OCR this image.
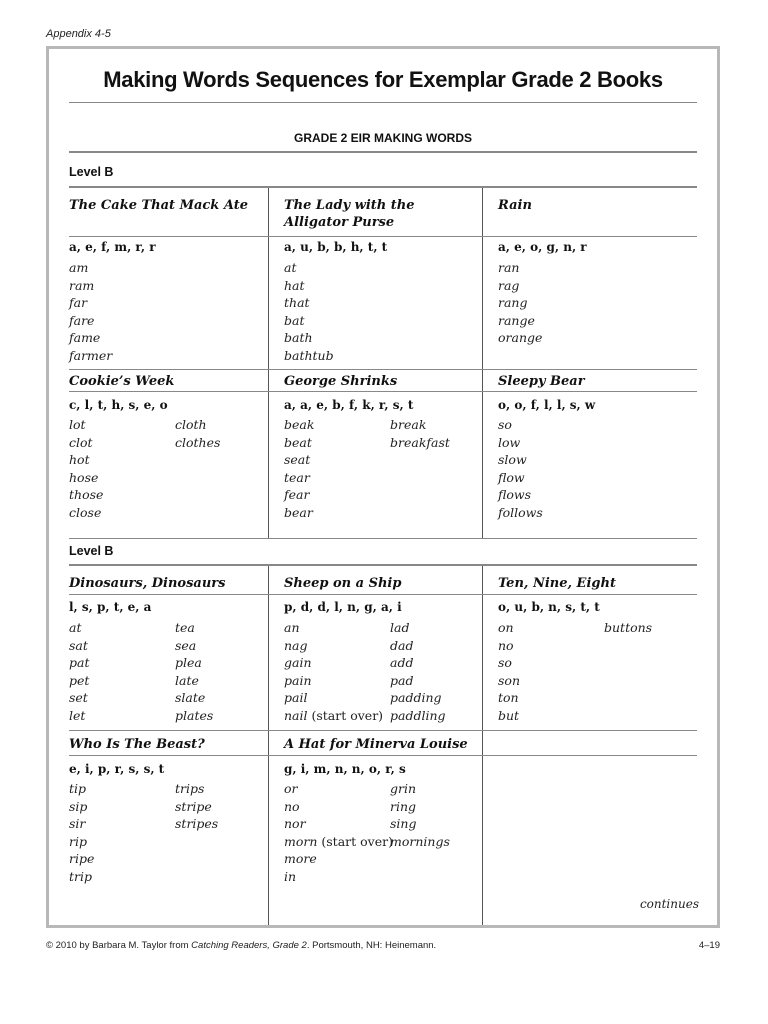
Appendix 4-5
Making Words Sequences for Exemplar Grade 2 Books
GRADE 2 EIR MAKING WORDS
Level B
The Cake That Mack Ate
a, e, f, m, r, r
am
ram
far
fare
fame
farmer
The Lady with the Alligator Purse
a, u, b, b, h, t, t
at
hat
that
bat
bath
bathtub
Rain
a, e, o, g, n, r
ran
rag
rang
range
orange
Cookie’s Week
c, l, t, h, s, e, o
lot
clot
hot
hose
those
close
cloth
clothes
George Shrinks
a, a, e, b, f, k, r, s, t
beak
beat
seat
tear
fear
bear
break
breakfast
Sleepy Bear
o, o, f, l, l, s, w
so
low
slow
flow
flows
follows
Level B
Dinosaurs, Dinosaurs
l, s, p, t, e, a
at
sat
pat
pet
set
let
tea
sea
plea
late
slate
plates
Sheep on a Ship
p, d, d, l, n, g, a, i
an
nag
gain
pain
pail
nail (start over)
lad
dad
add
pad
padding
paddling
Ten, Nine, Eight
o, u, b, n, s, t, t
on
no
so
son
ton
but
buttons
Who Is The Beast?
e, i, p, r, s, s, t
tip
sip
sir
rip
ripe
trip
trips
stripe
stripes
A Hat for Minerva Louise
g, i, m, n, n, o, r, s
or
no
nor
morn (start over)
more
in
grin
ring
sing
mornings
continues
© 2010 by Barbara M. Taylor from Catching Readers, Grade 2. Portsmouth, NH: Heinemann.	4–19
